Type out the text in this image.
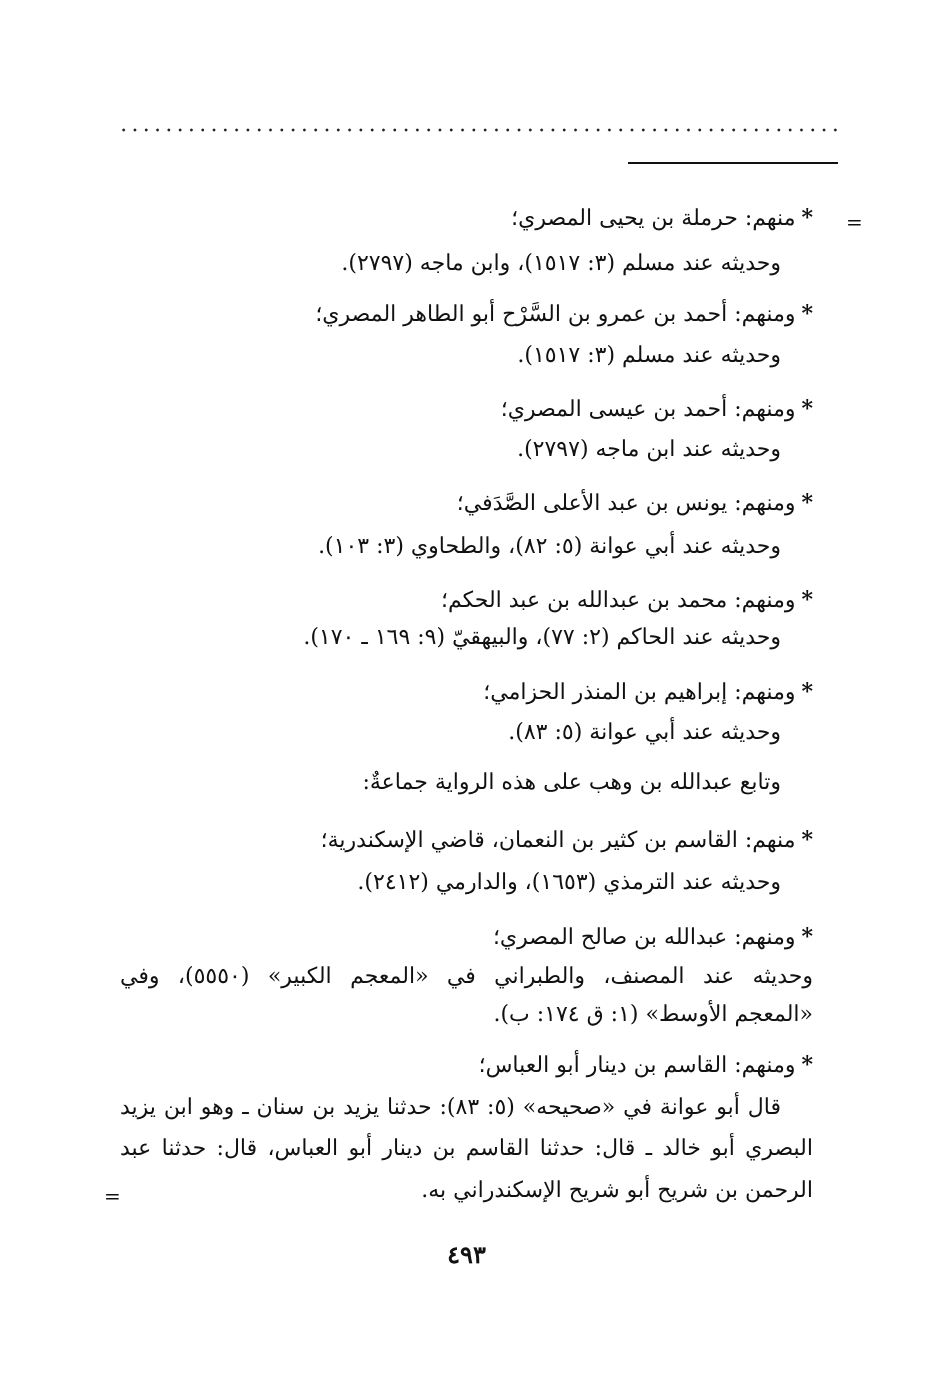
=
=
*منهم: حرملة بن يحيى المصري؛
وحديثه عند مسلم (٣: ١٥١٧)، وابن ماجه (٢٧٩٧).
*ومنهم: أحمد بن عمرو بن السَّرْح أبو الطاهر المصري؛
وحديثه عند مسلم (٣: ١٥١٧).
*ومنهم: أحمد بن عيسى المصري؛
وحديثه عند ابن ماجه (٢٧٩٧).
*ومنهم: يونس بن عبد الأعلى الصَّدَفي؛
وحديثه عند أبي عوانة (٥: ٨٢)، والطحاوي (٣: ١٠٣).
*ومنهم: محمد بن عبدالله بن عبد الحكم؛
وحديثه عند الحاكم (٢: ٧٧)، والبيهقيّ (٩: ١٦٩ ـ ١٧٠).
*ومنهم: إبراهيم بن المنذر الحزامي؛
وحديثه عند أبي عوانة (٥: ٨٣).
وتابع عبدالله بن وهب على هذه الرواية جماعةٌ:
*منهم: القاسم بن كثير بن النعمان، قاضي الإسكندرية؛
وحديثه عند الترمذي (١٦٥٣)، والدارمي (٢٤١٢).
*ومنهم: عبدالله بن صالح المصري؛
وحديثه عند المصنف، والطبراني في «المعجم الكبير» (٥٥٥٠)، وفي
«المعجم الأوسط» (١: ق ١٧٤: ب).
*ومنهم: القاسم بن دينار أبو العباس؛
قال أبو عوانة في «صحيحه» (٥: ٨٣): حدثنا يزيد بن سنان ـ وهو ابن يزيد
البصري أبو خالد ـ قال: حدثنا القاسم بن دينار أبو العباس، قال: حدثنا عبد
الرحمن بن شريح أبو شريح الإسكندراني به.
٤٩٣
